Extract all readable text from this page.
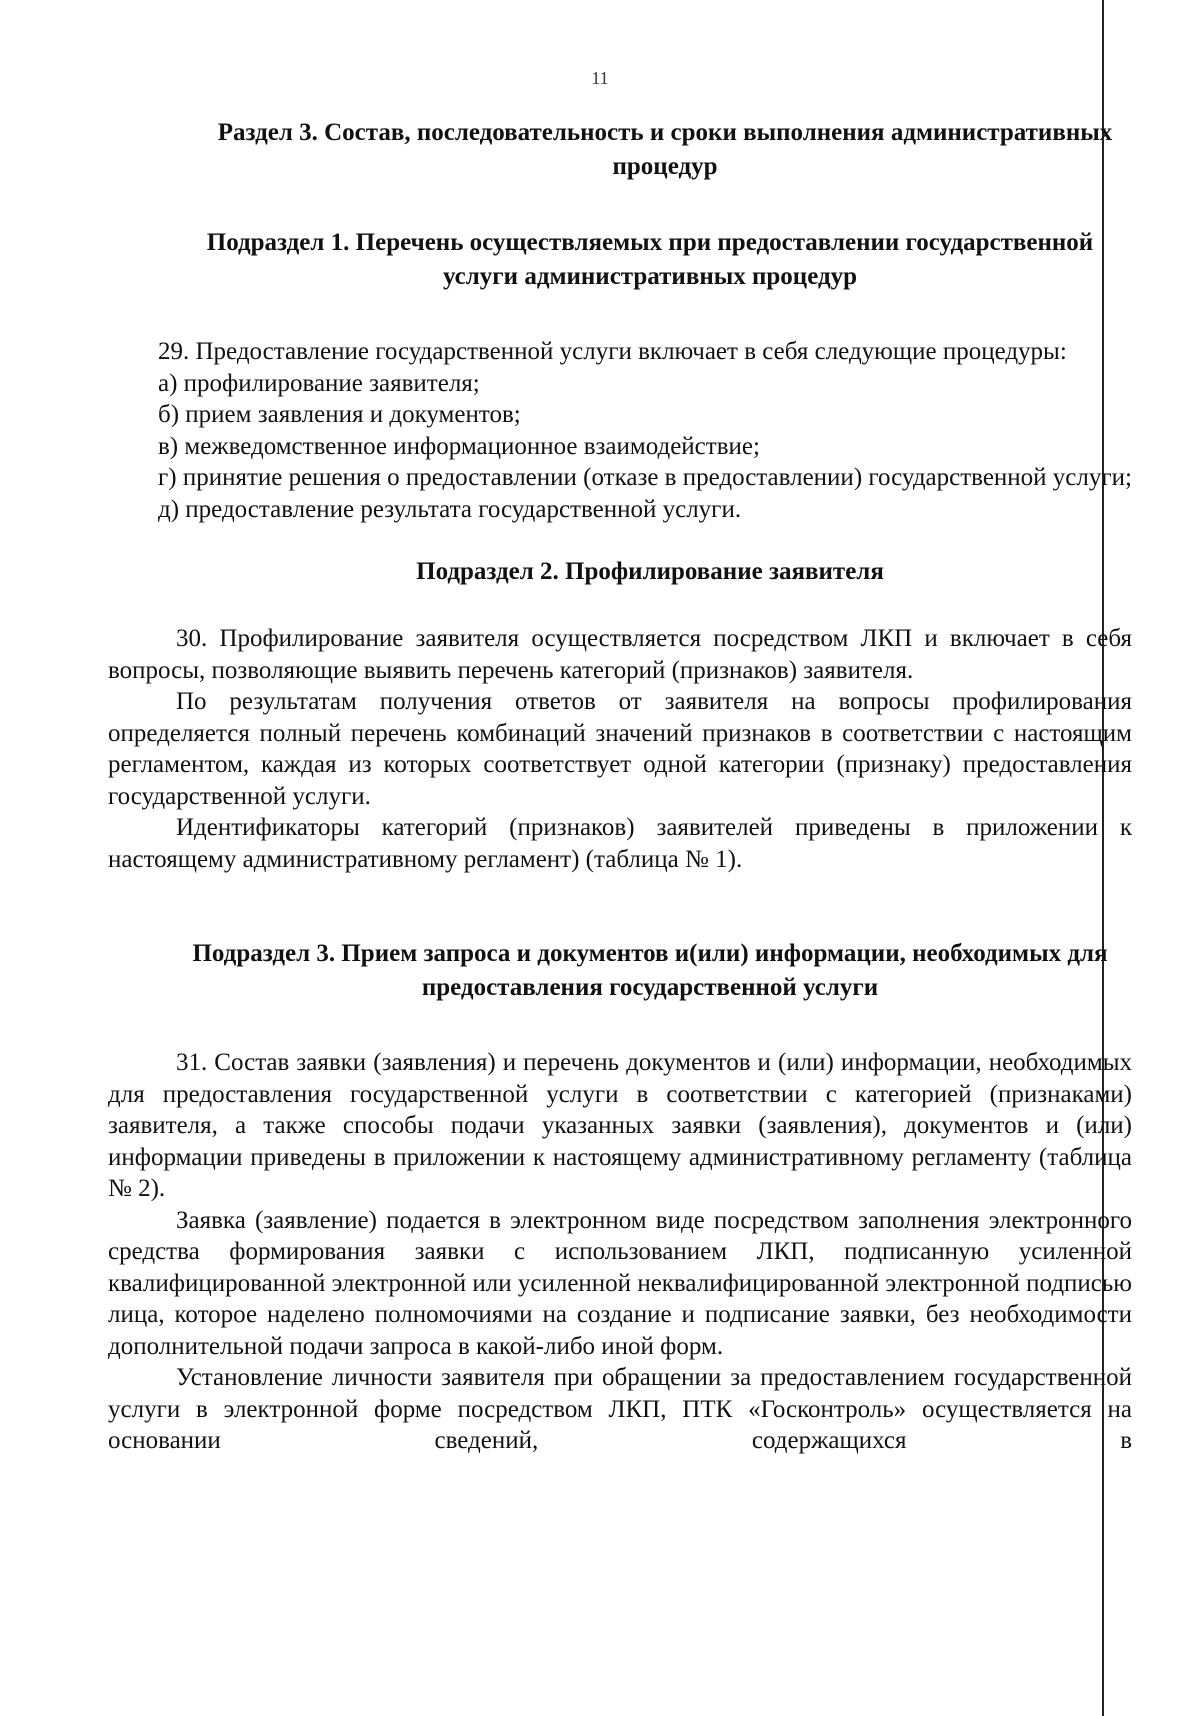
11
Раздел 3. Состав, последовательность и сроки выполнения административных процедур
Подраздел 1. Перечень осуществляемых при предоставлении государственной услуги административных процедур

29. Предоставление государственной услуги включает в себя следующие процедуры:

а) профилирование заявителя;
б) прием заявления и документов;
в) межведомственное информационное взаимодействие;
г) принятие решения о предоставлении (отказе в предоставлении) государственной услуги;
д) предоставление результата государственной услуги.
Подраздел 2. Профилирование заявителя

30. Профилирование заявителя осуществляется посредством ЛКП и включает в себя вопросы, позволяющие выявить перечень категорий (признаков) заявителя.

По результатам получения ответов от заявителя на вопросы профилирования определяется полный перечень комбинаций значений признаков в соответствии с настоящим регламентом, каждая из которых соответствует одной категории (признаку) предоставления государственной услуги.

Идентификаторы категорий (признаков) заявителей приведены в приложении к настоящему административному регламент) (таблица № 1).

Подраздел 3. Прием запроса и документов и(или) информации, необходимых для предоставления государственной услуги

31. Состав заявки (заявления) и перечень документов и (или) информации, необходимых для предоставления государственной услуги в соответствии с категорией (признаками) заявителя, а также способы подачи указанных заявки (заявления), документов и (или) информации приведены в приложении к настоящему административному регламенту (таблица № 2).

Заявка (заявление) подается в электронном виде посредством заполнения электронного средства формирования заявки с использованием ЛКП, подписанную усиленной квалифицированной электронной или усиленной неквалифицированной электронной подписью лица, которое наделено полномочиями на создание и подписание заявки, без необходимости дополнительной подачи запроса в какой-либо иной форм.

Установление личности заявителя при обращении за предоставлением государственной услуги в электронной форме посредством ЛКП, ПТК «Госконтроль» осуществляется на основании сведений, содержащихся в
